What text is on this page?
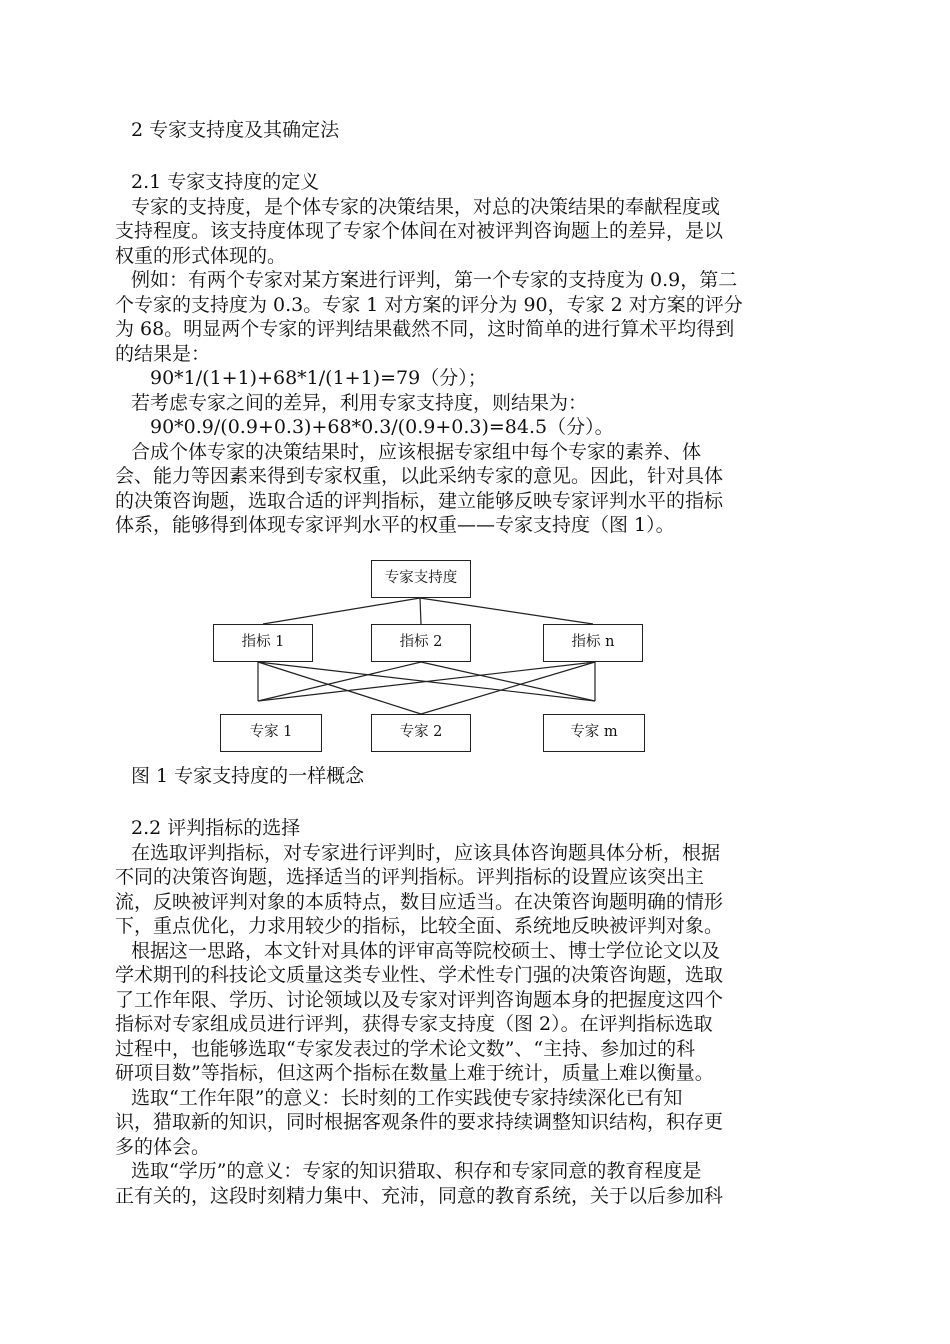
2 专家支持度及其确定法
2.1 专家支持度的定义
专家的支持度，是个体专家的决策结果，对总的决策结果的奉献程度或
支持程度。该支持度体现了专家个体间在对被评判咨询题上的差异，是以
权重的形式体现的。
例如：有两个专家对某方案进行评判，第一个专家的支持度为 0.9，第二
个专家的支持度为 0.3。专家 1 对方案的评分为 90，专家 2 对方案的评分
为 68。明显两个专家的评判结果截然不同，这时简单的进行算术平均得到
的结果是：
90*1/(1+1)+68*1/(1+1)=79（分）；
若考虑专家之间的差异，利用专家支持度，则结果为：
90*0.9/(0.9+0.3)+68*0.3/(0.9+0.3)=84.5（分）。
合成个体专家的决策结果时，应该根据专家组中每个专家的素养、体
会、能力等因素来得到专家权重，以此采纳专家的意见。因此，针对具体
的决策咨询题，选取合适的评判指标，建立能够反映专家评判水平的指标
体系，能够得到体现专家评判水平的权重——专家支持度（图 1）。
专家支持度
指标 1	指标 2	指标 n
专家 1	专家 2	专家 m
图 1 专家支持度的一样概念
2.2 评判指标的选择
在选取评判指标，对专家进行评判时，应该具体咨询题具体分析，根据
不同的决策咨询题，选择适当的评判指标。评判指标的设置应该突出主
流，反映被评判对象的本质特点，数目应适当。在决策咨询题明确的情形
下，重点优化，力求用较少的指标，比较全面、系统地反映被评判对象。
根据这一思路，本文针对具体的评审高等院校硕士、博士学位论文以及
学术期刊的科技论文质量这类专业性、学术性专门强的决策咨询题，选取
了工作年限、学历、讨论领域以及专家对评判咨询题本身的把握度这四个
指标对专家组成员进行评判，获得专家支持度（图 2）。在评判指标选取
过程中，也能够选取“专家发表过的学术论文数”、“主持、参加过的科
研项目数”等指标，但这两个指标在数量上难于统计，质量上难以衡量。
选取“工作年限”的意义：长时刻的工作实践使专家持续深化已有知
识，猎取新的知识，同时根据客观条件的要求持续调整知识结构，积存更
多的体会。
选取“学历”的意义：专家的知识猎取、积存和专家同意的教育程度是
正有关的，这段时刻精力集中、充沛，同意的教育系统，关于以后参加科
